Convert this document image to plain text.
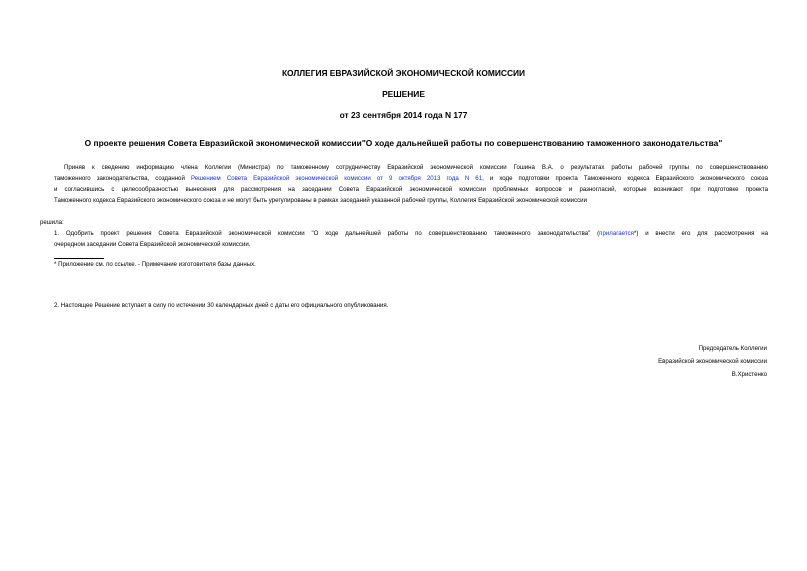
КОЛЛЕГИЯ ЕВРАЗИЙСКОЙ ЭКОНОМИЧЕСКОЙ КОМИССИИ
РЕШЕНИЕ
от 23 сентября 2014 года N 177
О проекте решения Совета Евразийской экономической комиссии"О ходе дальнейшей работы по совершенствованию таможенного законодательства"
Приняв к сведению информацию члена Коллегии (Министра) по таможенному сотрудничеству Евразийской экономической комиссии Гошина В.А. о результатах работы рабочей группы по совершенствованию
таможенного законодательства, созданной Решением Совета Евразийской экономической комиссии от 9 октября 2013 года N 61, и ходе подготовки проекта Таможенного кодекса Евразийского экономического союза
и согласившись с целесообразностью вынесения для рассмотрения на заседании Совета Евразийской экономической комиссии проблемных вопросов и разногласий, которые возникают при подготовке проекта
Таможенного кодекса Евразийского экономического союза и не могут быть урегулированы в рамках заседаний указанной рабочей группы, Коллегия Евразийской экономической комиссии
решила:
1. Одобрить проект решения Совета Евразийской экономической комиссии "О ходе дальнейшей работы по совершенствованию таможенного законодательства" (прилагается*) и внести его для рассмотрения на
очередном заседании Совета Евразийской экономической комиссии.
* Приложение см. по ссылке. - Примечание изготовителя базы данных.
2. Настоящее Решение вступает в силу по истечении 30 календарных дней с даты его официального опубликования.
Председатель Коллегии
Евразийской экономической комиссии
В.Христенко
